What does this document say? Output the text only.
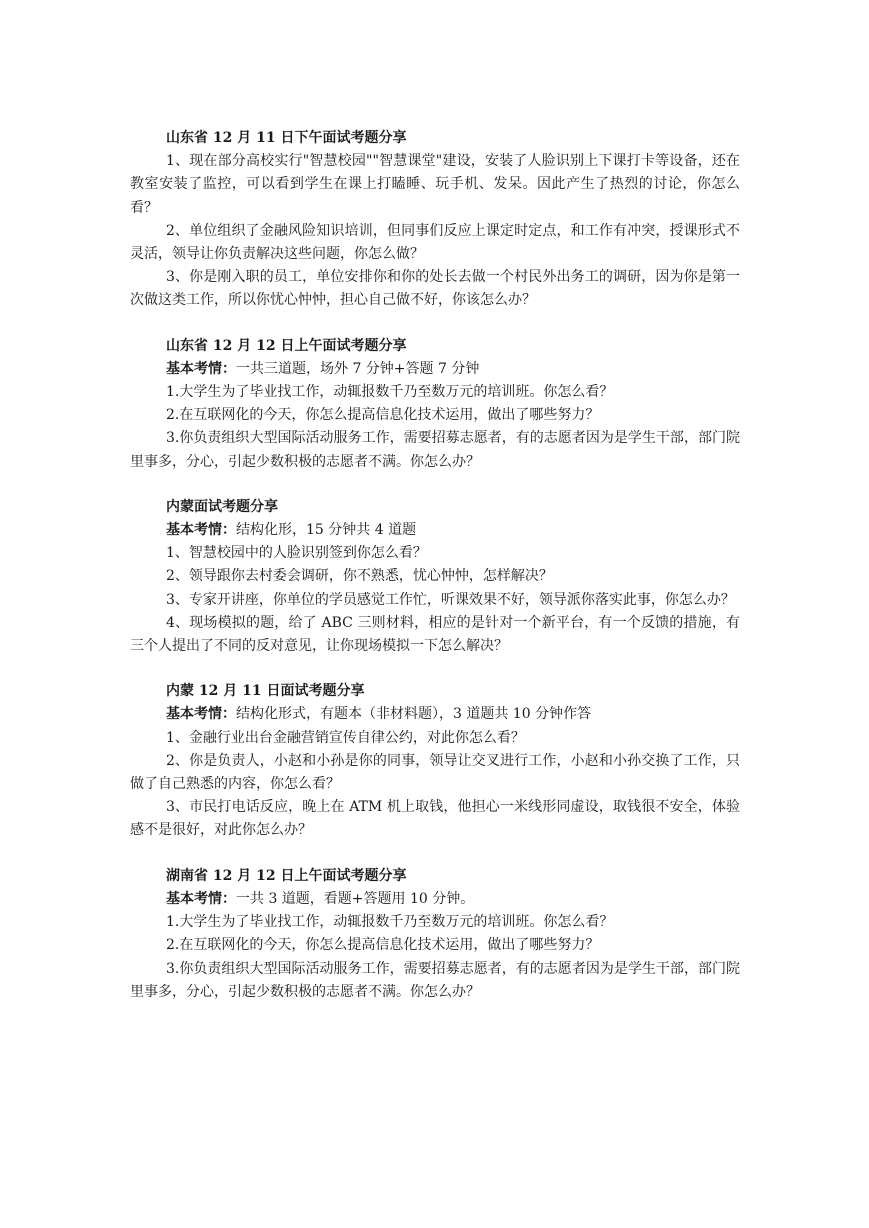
山东省 12 月 11 日下午面试考题分享

1、现在部分高校实行"智慧校园""智慧课堂"建设，安装了人脸识别上下课打卡等设备，还在教室安装了监控，可以看到学生在课上打瞌睡、玩手机、发呆。因此产生了热烈的讨论，你怎么看？

2、单位组织了金融风险知识培训，但同事们反应上课定时定点，和工作有冲突，授课形式不灵活，领导让你负责解决这些问题，你怎么做？

3、你是刚入职的员工，单位安排你和你的处长去做一个村民外出务工的调研，因为你是第一次做这类工作，所以你忧心忡忡，担心自己做不好，你该怎么办？

山东省 12 月 12 日上午面试考题分享
基本考情：一共三道题，场外 7 分钟+答题 7 分钟

1.大学生为了毕业找工作，动辄报数千乃至数万元的培训班。你怎么看？

2.在互联网化的今天，你怎么提高信息化技术运用，做出了哪些努力？

3.你负责组织大型国际活动服务工作，需要招募志愿者，有的志愿者因为是学生干部，部门院里事多，分心，引起少数积极的志愿者不满。你怎么办？

内蒙面试考题分享
基本考情：结构化形，15 分钟共 4 道题

1、智慧校园中的人脸识别签到你怎么看？

2、领导跟你去村委会调研，你不熟悉，忧心忡忡，怎样解决？

3、专家开讲座，你单位的学员感觉工作忙，听课效果不好，领导派你落实此事，你怎么办？

4、现场模拟的题，给了 ABC 三则材料，相应的是针对一个新平台，有一个反馈的措施，有三个人提出了不同的反对意见，让你现场模拟一下怎么解决？

内蒙 12 月 11 日面试考题分享
基本考情：结构化形式，有题本（非材料题），3 道题共 10 分钟作答

1、金融行业出台金融营销宣传自律公约，对此你怎么看？

2、你是负责人，小赵和小孙是你的同事，领导让交叉进行工作，小赵和小孙交换了工作，只做了自己熟悉的内容，你怎么看？

3、市民打电话反应，晚上在 ATM 机上取钱，他担心一米线形同虚设，取钱很不安全，体验感不是很好，对此你怎么办？

湖南省 12 月 12 日上午面试考题分享
基本考情：一共 3 道题，看题+答题用 10 分钟。

1.大学生为了毕业找工作，动辄报数千乃至数万元的培训班。你怎么看？

2.在互联网化的今天，你怎么提高信息化技术运用，做出了哪些努力？

3.你负责组织大型国际活动服务工作，需要招募志愿者，有的志愿者因为是学生干部，部门院里事多，分心，引起少数积极的志愿者不满。你怎么办？
